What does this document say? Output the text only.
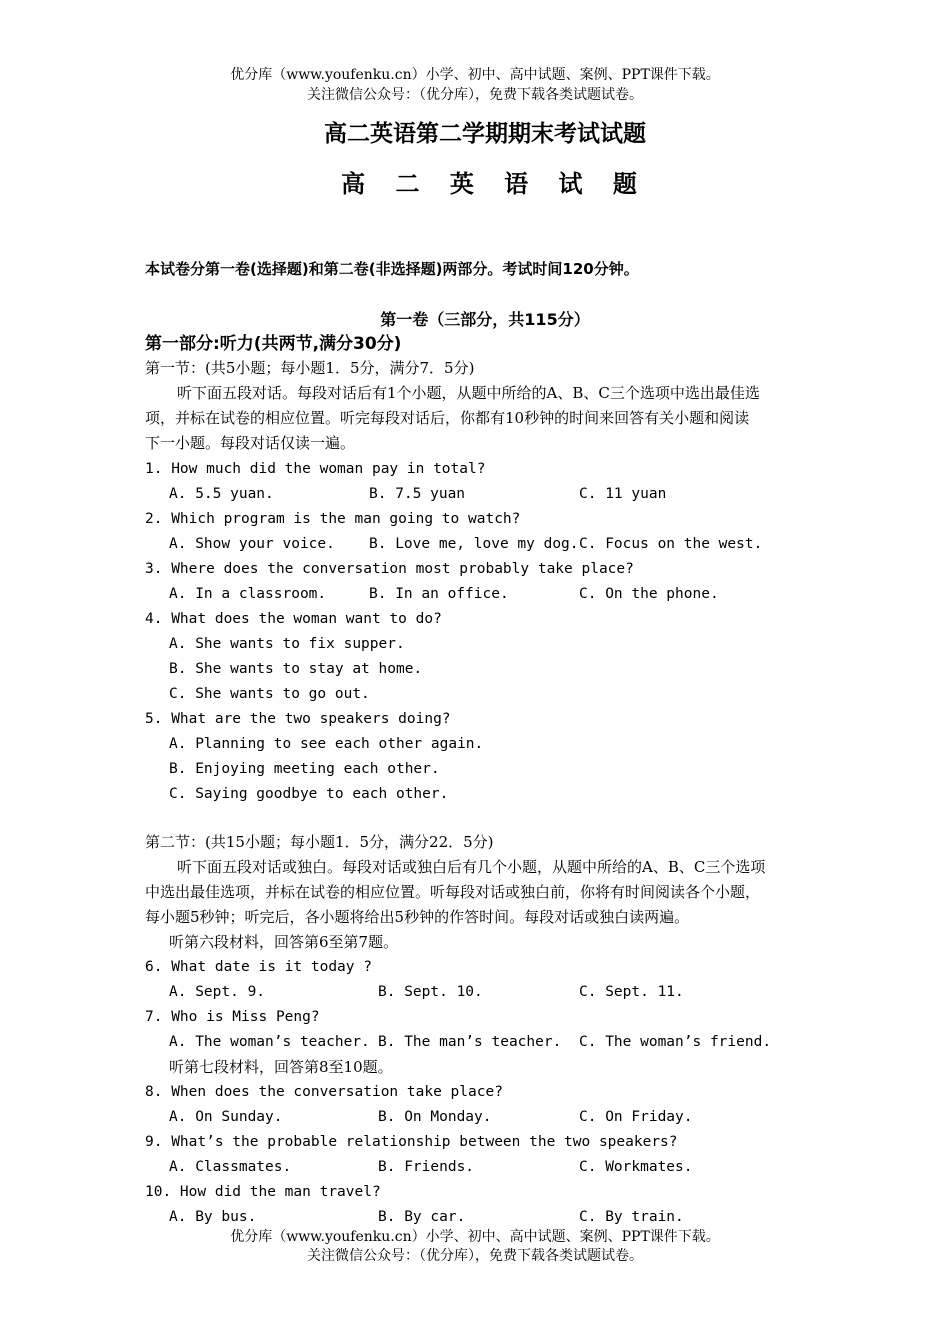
优分库（www.youfenku.cn）小学、初中、高中试题、案例、PPT课件下载。
关注微信公众号：（优分库），免费下载各类试题试卷。
高二英语第二学期期末考试试题
高 二 英 语 试 题
本试卷分第一卷(选择题)和第二卷(非选择题)两部分。考试时间120分钟。
第一卷（三部分，共115分）
第一部分:听力(共两节,满分30分)
第一节：(共5小题；每小题1．5分，满分7．5分)
听下面五段对话。每段对话后有1个小题，从题中所给的A、B、C三个选项中选出最佳选
项，并标在试卷的相应位置。听完每段对话后，你都有10秒钟的时间来回答有关小题和阅读
下一小题。每段对话仅读一遍。
1. How much did the woman pay in total?
A. 5.5 yuan.	B. 7.5 yuan	C. 11 yuan
2. Which program is the man going to watch?
A. Show your voice. B. Love me, love my dog. C. Focus on the west.
3. Where does the conversation most probably take place?
A. In a classroom.	B. In an office.	C. On the phone.
4. What does the woman want to do?
A. She wants to fix supper.
B. She wants to stay at home.
C. She wants to go out.
5. What are the two speakers doing?
A. Planning to see each other again.
B. Enjoying meeting each other.
C. Saying goodbye to each other.
第二节：(共15小题；每小题1．5分，满分22．5分)
听下面五段对话或独白。每段对话或独白后有几个小题，从题中所给的A、B、C三个选项
中选出最佳选项，并标在试卷的相应位置。听每段对话或独白前，你将有时间阅读各个小题，
每小题5秒钟；听完后，各小题将给出5秒钟的作答时间。每段对话或独白读两遍。
听第六段材料，回答第6至第7题。
6. What date is it today ?
A. Sept. 9.	B. Sept. 10.	C. Sept. 11.
7. Who is Miss Peng?
A. The woman’s teacher. B. The man’s teacher. C. The woman’s friend.
听第七段材料，回答第8至10题。
8. When does the conversation take place?
A. On Sunday.	B. On Monday.	C. On Friday.
9. What’s the probable relationship between the two speakers?
A. Classmates.	B. Friends.	C. Workmates.
10. How did the man travel?
A. By bus.	B. By car.	C. By train.
优分库（www.youfenku.cn）小学、初中、高中试题、案例、PPT课件下载。
关注微信公众号：（优分库），免费下载各类试题试卷。
